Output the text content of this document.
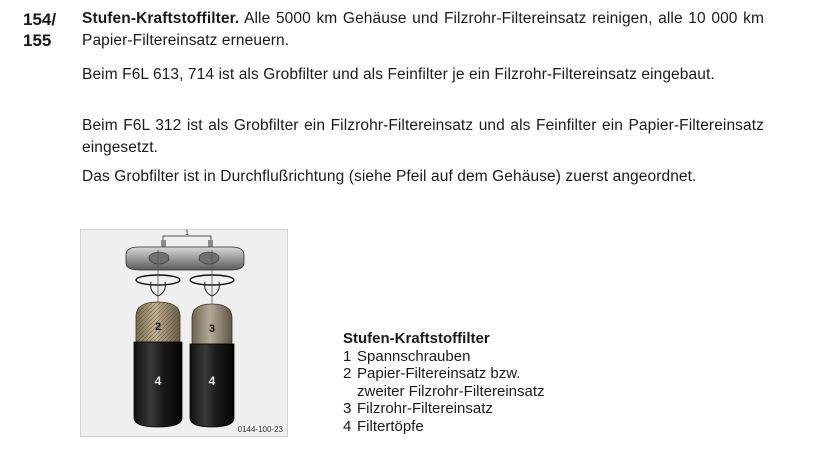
154/
155
Stufen-Kraftstoffilter. Alle 5000 km Gehäuse und Filzrohr-Filtereinsatz reinigen, alle 10 000 km Papier-Filtereinsatz erneuern.
Beim F6L 613, 714 ist als Grobfilter und als Feinfilter je ein Filzrohr-Filtereinsatz eingebaut.
Beim F6L 312 ist als Grobfilter ein Filzrohr-Filtereinsatz und als Feinfilter ein Papier-Filtereinsatz eingesetzt.
Das Grobfilter ist in Durchflußrichtung (siehe Pfeil auf dem Gehäuse) zuerst angeordnet.
1
2	3
4	4
0144-100-23
Stufen-Kraftstoffilter
1 Spannschrauben
2 Papier-Filtereinsatz bzw.
zweiter Filzrohr-Filtereinsatz
3 Filzrohr-Filtereinsatz
4 Filtertöpfe
